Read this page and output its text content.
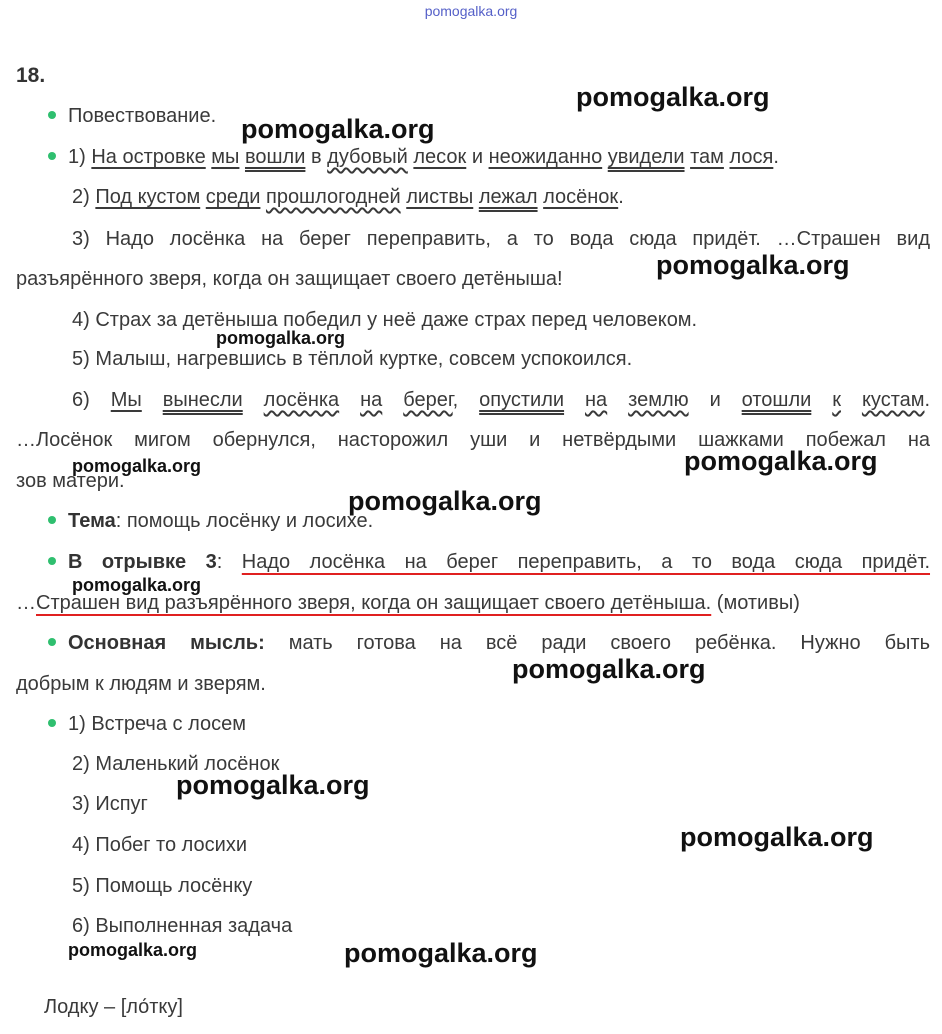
pomogalka.org
18.
Повествование.
1) На островке мы вошли в дубовый лесок и неожиданно увидели там лося.
2) Под кустом среди прошлогодней листвы лежал лосёнок.
3) Надо лосёнка на берег переправить, а то вода сюда придёт. …Страшен вид
разъярённого зверя, когда он защищает своего детёныша!
4) Страх за детёныша победил у неё даже страх перед человеком.
5) Малыш, нагревшись в тёплой куртке, совсем успокоился.
6) Мы вынесли лосёнка на берег, опустили на землю и отошли к кустам.
…Лосёнок мигом обернулся, насторожил уши и нетвёрдыми шажками побежал на
зов матери.
Тема: помощь лосёнку и лосихе.
В отрывке 3: Надо лосёнка на берег переправить, а то вода сюда придёт.
…Страшен вид разъярённого зверя, когда он защищает своего детёныша. (мотивы)
Основная мысль: мать готова на всё ради своего ребёнка. Нужно быть
добрым к людям и зверям.
1) Встреча с лосем
2) Маленький лосёнок
3) Испуг
4) Побег то лосихи
5) Помощь лосёнку
6) Выполненная задача
Лодку – [ло́тку]
pomogalka.org
pomogalka.org
pomogalka.org
pomogalka.org
pomogalka.org
pomogalka.org
pomogalka.org
pomogalka.org
pomogalka.org
pomogalka.org
pomogalka.org
pomogalka.org	pomogalka.org
